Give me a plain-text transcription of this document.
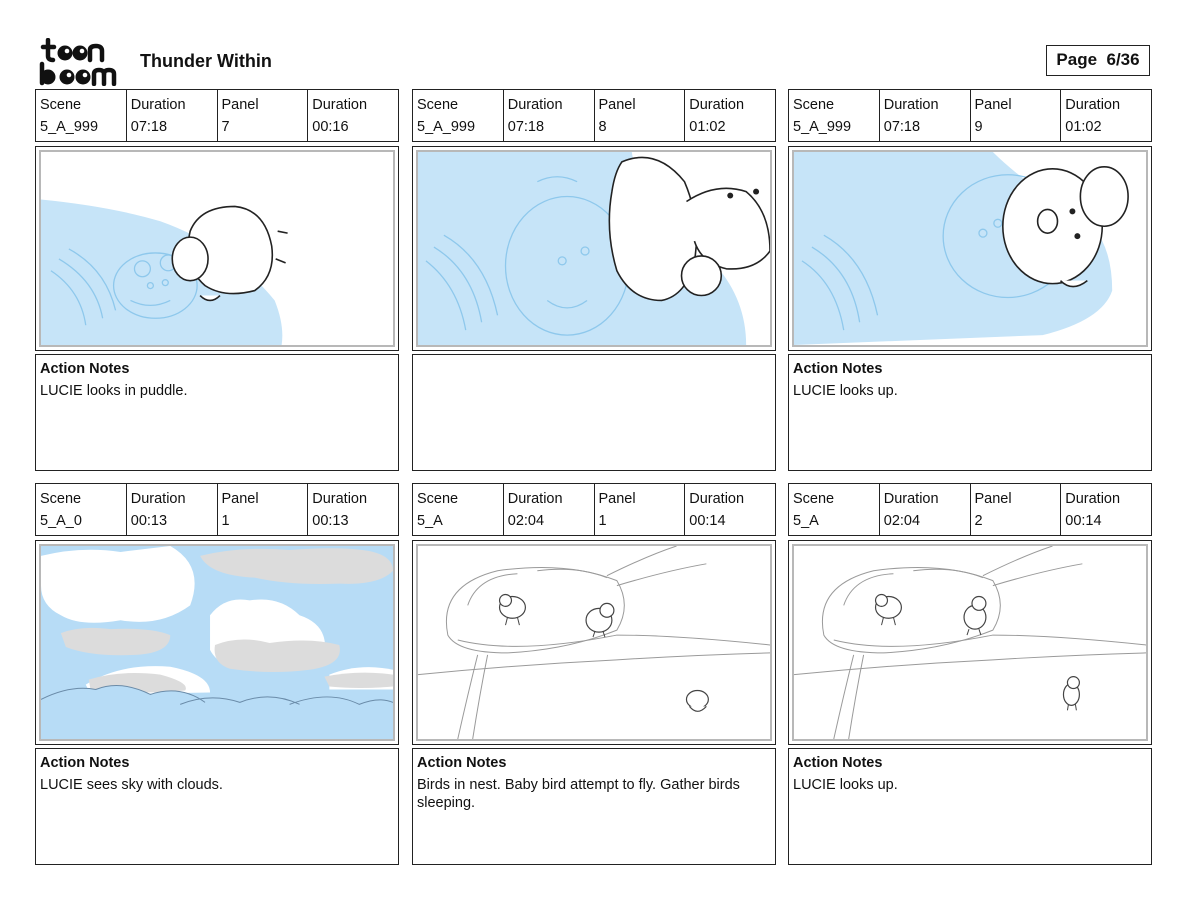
Thunder Within	Page 6/36
Scene
5_A_999
Duration
07:18
Panel
7
Duration
00:16
Action Notes
LUCIE looks in puddle.
Scene
5_A_999
Duration
07:18
Panel
8
Duration
01:02
Scene
5_A_999
Duration
07:18
Panel
9
Duration
01:02
Action Notes
LUCIE looks up.
Scene
5_A_0
Duration
00:13
Panel
1
Duration
00:13
Action Notes
LUCIE sees sky with clouds.
Scene
5_A
Duration
02:04
Panel
1
Duration
00:14
Action Notes
Birds in nest. Baby bird attempt to fly. Gather birds sleeping.
Scene
5_A
Duration
02:04
Panel
2
Duration
00:14
Action Notes
LUCIE looks up.
